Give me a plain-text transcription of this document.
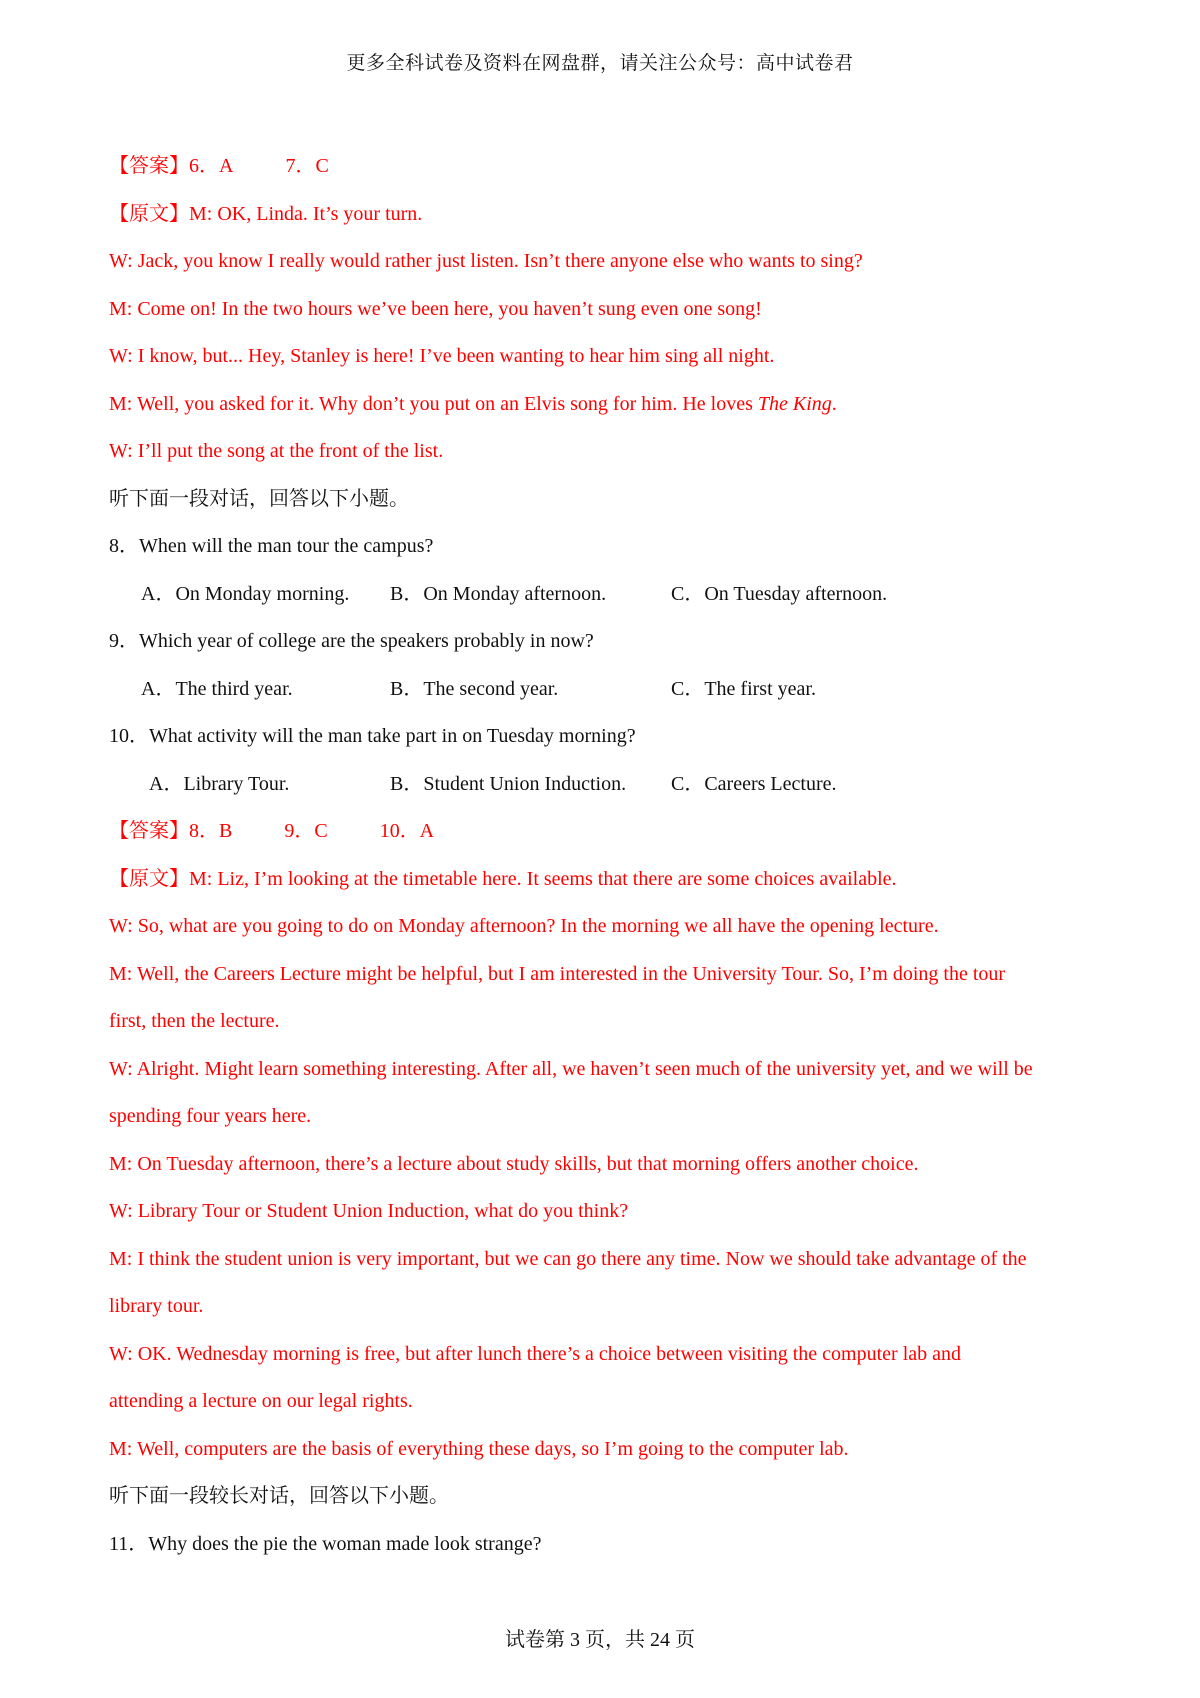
更多全科试卷及资料在网盘群，请关注公众号：高中试卷君
【答案】6．A	7．C
【原文】M: OK, Linda. It’s your turn.
W: Jack, you know I really would rather just listen. Isn’t there anyone else who wants to sing?
M: Come on! In the two hours we’ve been here, you haven’t sung even one song!
W: I know, but... Hey, Stanley is here! I’ve been wanting to hear him sing all night.
M: Well, you asked for it. Why don’t you put on an Elvis song for him. He loves The King.
W: I’ll put the song at the front of the list.
听下面一段对话，回答以下小题。
8．When will the man tour the campus?
A．On Monday morning. B．On Monday afternoon.	C．On Tuesday afternoon.
9．Which year of college are the speakers probably in now?
A．The third year.	B．The second year.	C．The first year.
10．What activity will the man take part in on Tuesday morning?
A．Library Tour.	B．Student Union Induction. C．Careers Lecture.
【答案】8．B	9．C	10．A
【原文】M: Liz, I’m looking at the timetable here. It seems that there are some choices available.
W: So, what are you going to do on Monday afternoon? In the morning we all have the opening lecture.
M: Well, the Careers Lecture might be helpful, but I am interested in the University Tour. So, I’m doing the tour
first, then the lecture.
W: Alright. Might learn something interesting. After all, we haven’t seen much of the university yet, and we will be
spending four years here.
M: On Tuesday afternoon, there’s a lecture about study skills, but that morning offers another choice.
W: Library Tour or Student Union Induction, what do you think?
M: I think the student union is very important, but we can go there any time. Now we should take advantage of the
library tour.
W: OK. Wednesday morning is free, but after lunch there’s a choice between visiting the computer lab and
attending a lecture on our legal rights.
M: Well, computers are the basis of everything these days, so I’m going to the computer lab.
听下面一段较长对话，回答以下小题。
11．Why does the pie the woman made look strange?
试卷第 3 页，共 24 页
